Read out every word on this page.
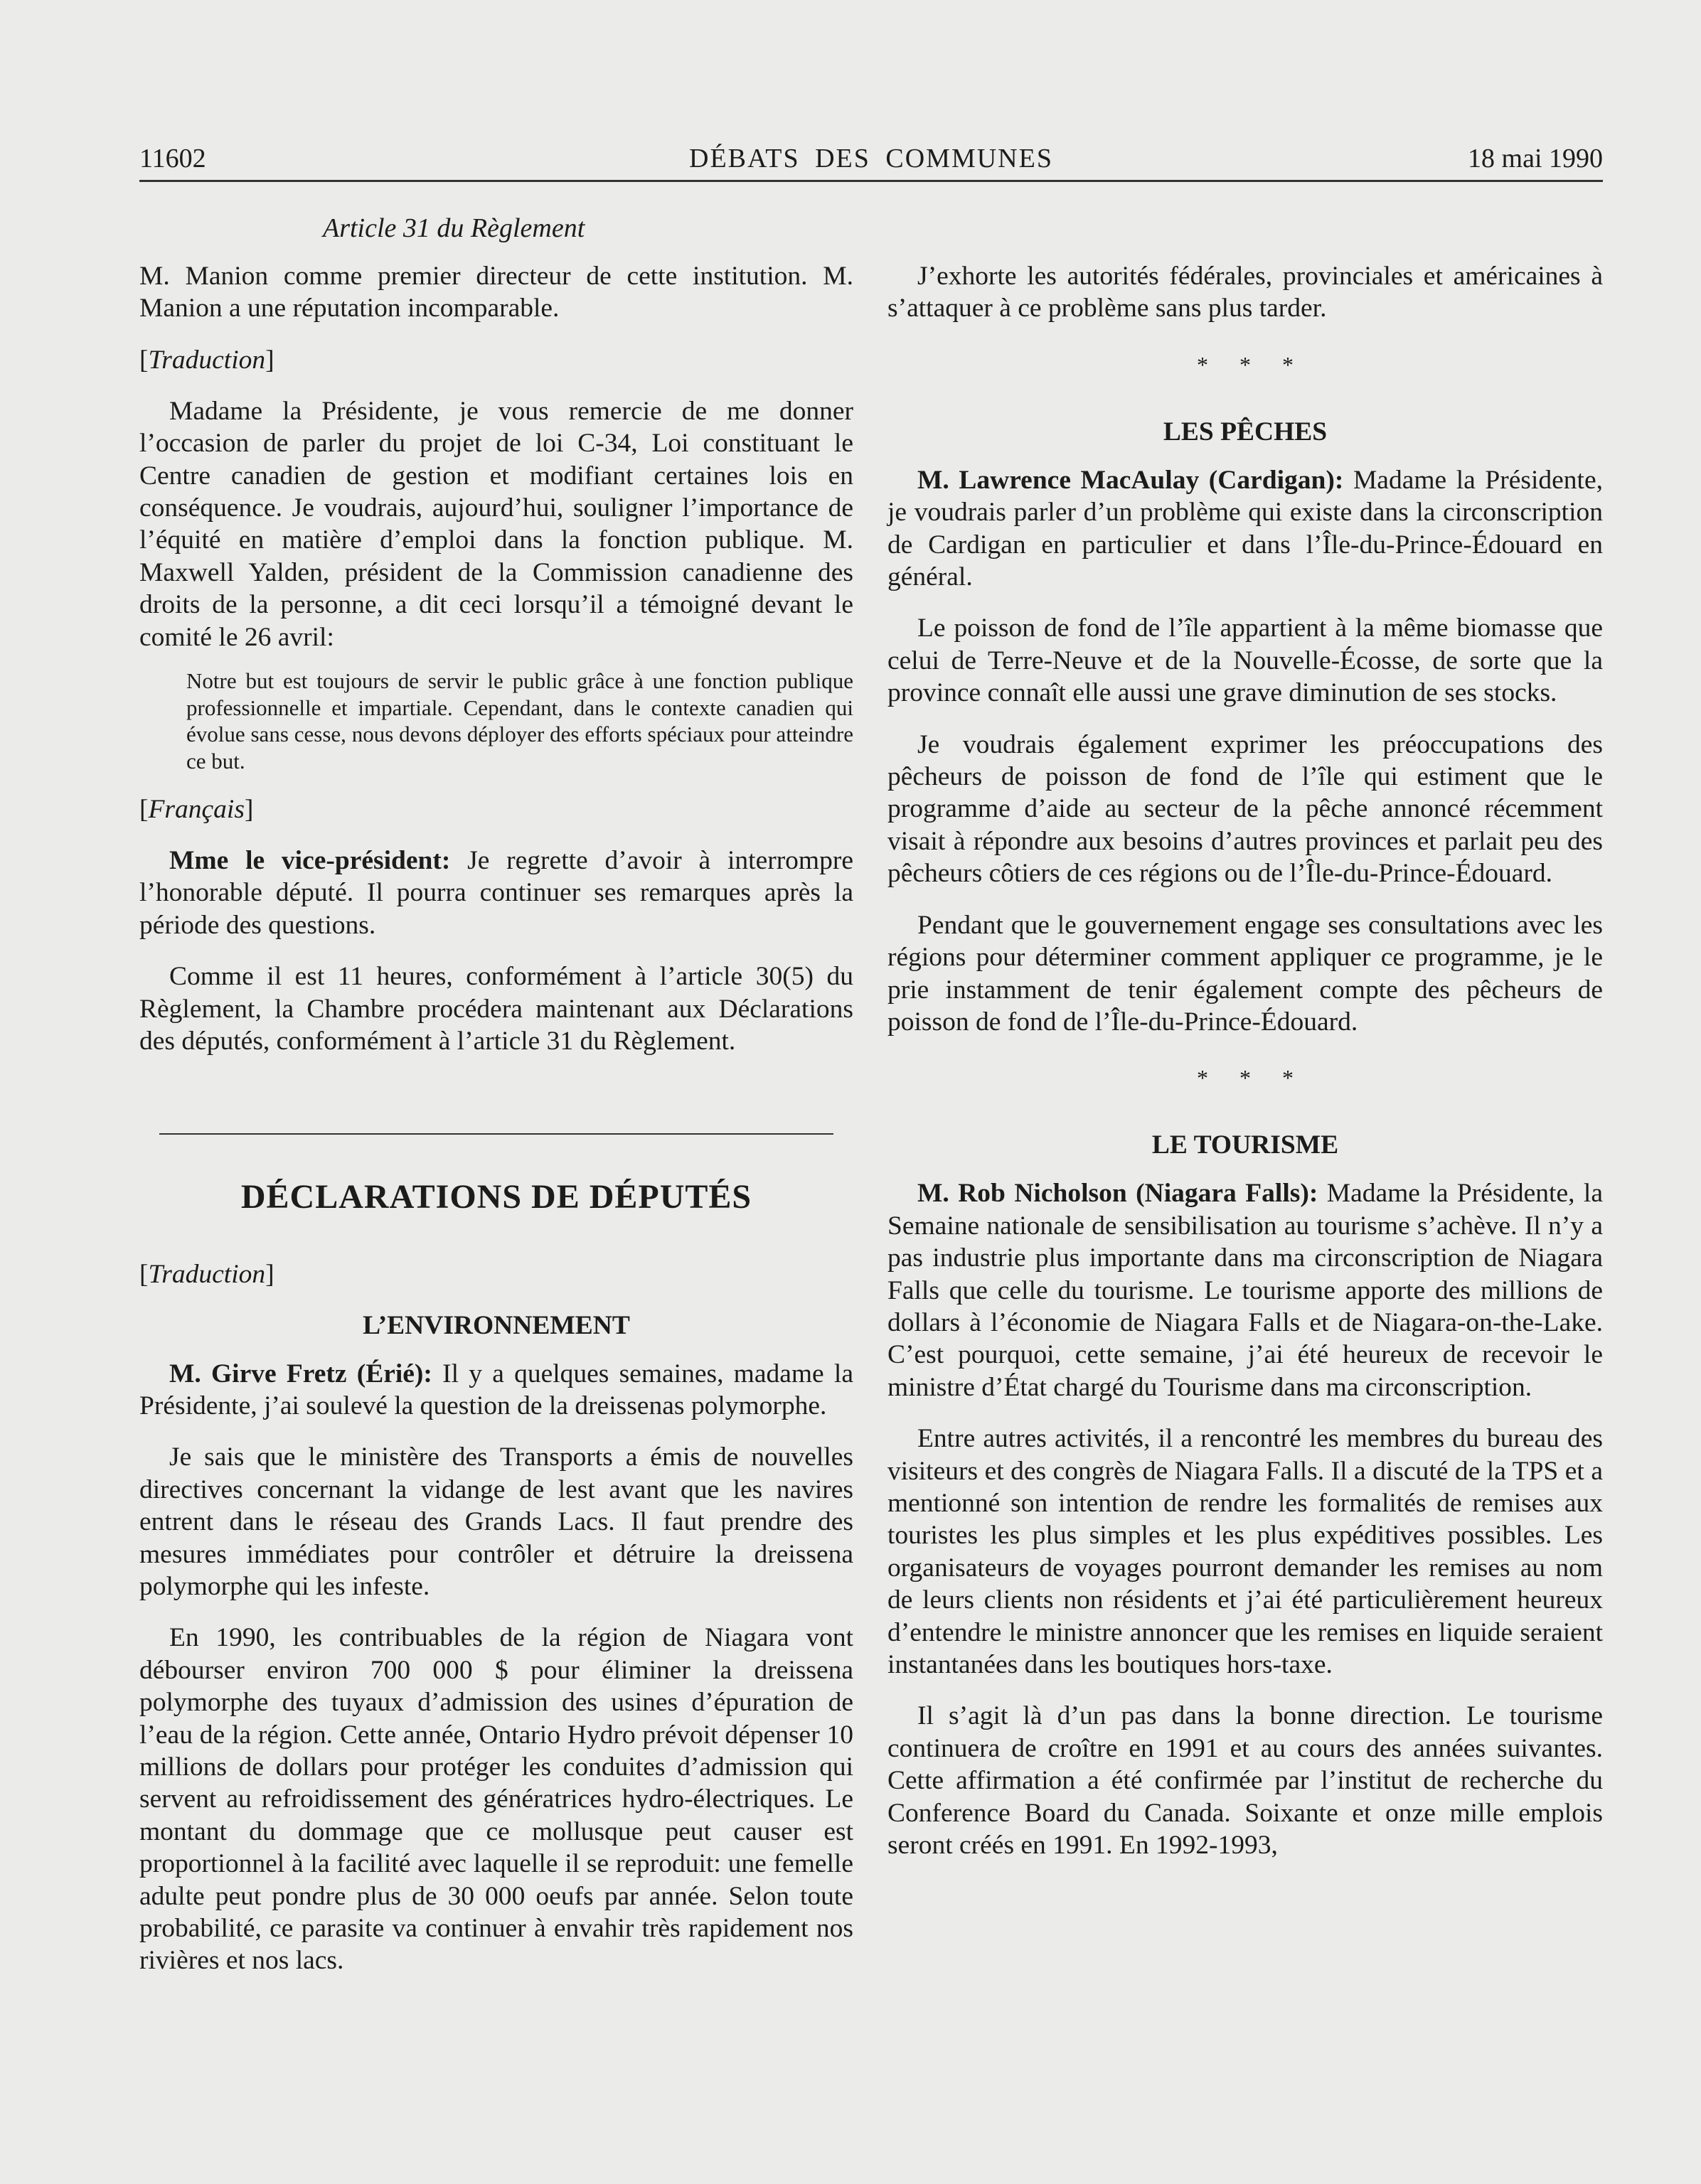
11602	DÉBATS DES COMMUNES	18 mai 1990
Article 31 du Règlement

M. Manion comme premier directeur de cette institution. M. Manion a une réputation incomparable.

[Traduction]

Madame la Présidente, je vous remercie de me donner l’occasion de parler du projet de loi C-34, Loi constituant le Centre canadien de gestion et modifiant certaines lois en conséquence. Je voudrais, aujourd’hui, souligner l’importance de l’équité en matière d’emploi dans la fonction publique. M. Maxwell Yalden, président de la Commission canadienne des droits de la personne, a dit ceci lorsqu’il a témoigné devant le comité le 26 avril:

Notre but est toujours de servir le public grâce à une fonction publique professionnelle et impartiale. Cependant, dans le contexte canadien qui évolue sans cesse, nous devons déployer des efforts spéciaux pour atteindre ce but.
[Français]

Mme le vice-président: Je regrette d’avoir à interrompre l’honorable député. Il pourra continuer ses remarques après la période des questions.

Comme il est 11 heures, conformément à l’article 30(5) du Règlement, la Chambre procédera maintenant aux Déclarations des députés, conformément à l’article 31 du Règlement.

DÉCLARATIONS DE DÉPUTÉS
[Traduction]
L’ENVIRONNEMENT

M. Girve Fretz (Érié): Il y a quelques semaines, madame la Présidente, j’ai soulevé la question de la dreissenas polymorphe.

Je sais que le ministère des Transports a émis de nouvelles directives concernant la vidange de lest avant que les navires entrent dans le réseau des Grands Lacs. Il faut prendre des mesures immédiates pour contrôler et détruire la dreissena polymorphe qui les infeste.

En 1990, les contribuables de la région de Niagara vont débourser environ 700 000 $ pour éliminer la dreissena polymorphe des tuyaux d’admission des usines d’épuration de l’eau de la région. Cette année, Ontario Hydro prévoit dépenser 10 millions de dollars pour protéger les conduites d’admission qui servent au refroidissement des génératrices hydro-électriques. Le montant du dommage que ce mollusque peut causer est proportionnel à la facilité avec laquelle il se reproduit: une femelle adulte peut pondre plus de 30 000 oeufs par année. Selon toute probabilité, ce parasite va continuer à envahir très rapidement nos rivières et nos lacs.

J’exhorte les autorités fédérales, provinciales et américaines à s’attaquer à ce problème sans plus tarder.

* * *
LES PÊCHES

M. Lawrence MacAulay (Cardigan): Madame la Présidente, je voudrais parler d’un problème qui existe dans la circonscription de Cardigan en particulier et dans l’Île-du-Prince-Édouard en général.

Le poisson de fond de l’île appartient à la même biomasse que celui de Terre-Neuve et de la Nouvelle-Écosse, de sorte que la province connaît elle aussi une grave diminution de ses stocks.

Je voudrais également exprimer les préoccupations des pêcheurs de poisson de fond de l’île qui estiment que le programme d’aide au secteur de la pêche annoncé récemment visait à répondre aux besoins d’autres provinces et parlait peu des pêcheurs côtiers de ces régions ou de l’Île-du-Prince-Édouard.

Pendant que le gouvernement engage ses consultations avec les régions pour déterminer comment appliquer ce programme, je le prie instamment de tenir également compte des pêcheurs de poisson de fond de l’Île-du-Prince-Édouard.

* * *
LE TOURISME

M. Rob Nicholson (Niagara Falls): Madame la Présidente, la Semaine nationale de sensibilisation au tourisme s’achève. Il n’y a pas industrie plus importante dans ma circonscription de Niagara Falls que celle du tourisme. Le tourisme apporte des millions de dollars à l’économie de Niagara Falls et de Niagara-on-the-Lake. C’est pourquoi, cette semaine, j’ai été heureux de recevoir le ministre d’État chargé du Tourisme dans ma circonscription.

Entre autres activités, il a rencontré les membres du bureau des visiteurs et des congrès de Niagara Falls. Il a discuté de la TPS et a mentionné son intention de rendre les formalités de remises aux touristes les plus simples et les plus expéditives possibles. Les organisateurs de voyages pourront demander les remises au nom de leurs clients non résidents et j’ai été particulièrement heureux d’entendre le ministre annoncer que les remises en liquide seraient instantanées dans les boutiques hors-taxe.

Il s’agit là d’un pas dans la bonne direction. Le tourisme continuera de croître en 1991 et au cours des années suivantes. Cette affirmation a été confirmée par l’institut de recherche du Conference Board du Canada. Soixante et onze mille emplois seront créés en 1991. En 1992-1993,
